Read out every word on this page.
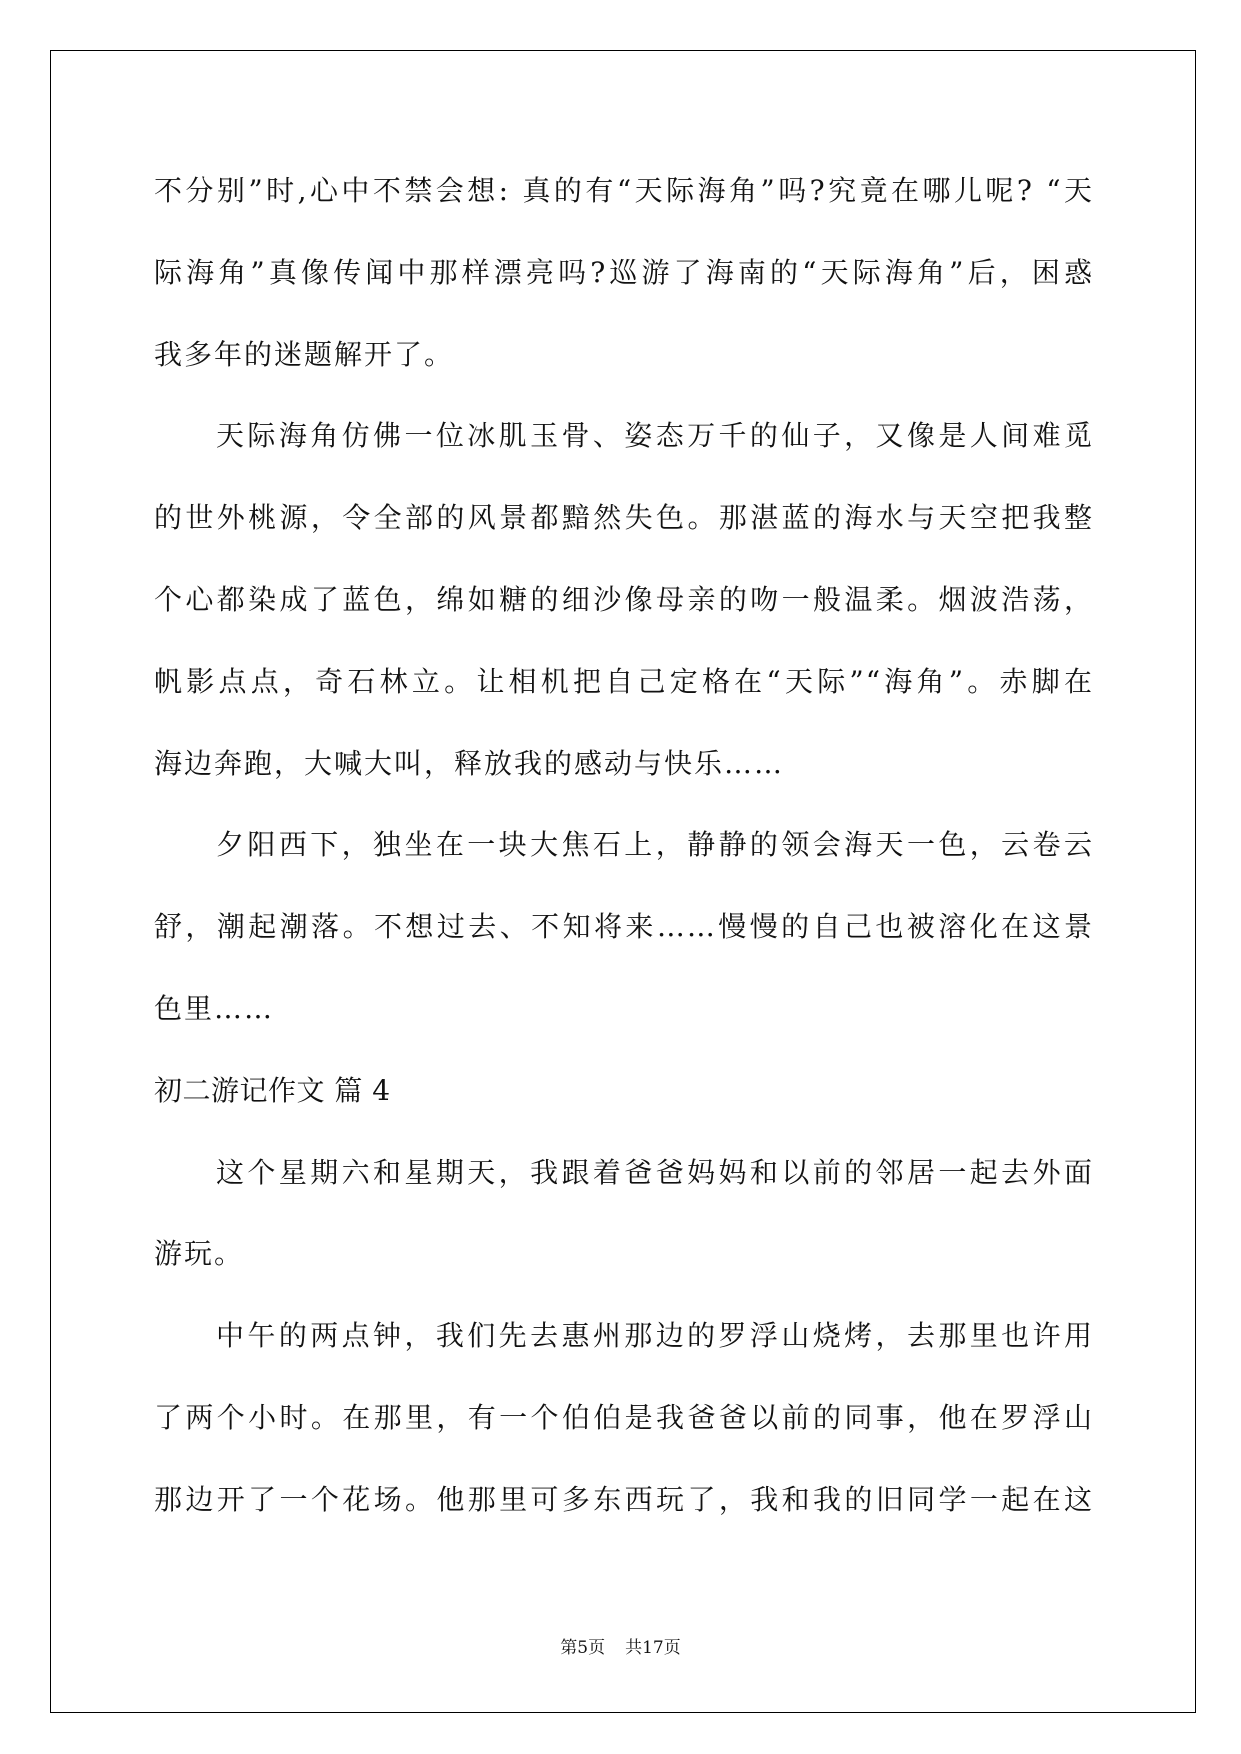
不分别”时,心中不禁会想: 真的有“天际海角”吗?究竟在哪儿呢? “天
际海角”真像传闻中那样漂亮吗?巡游了海南的“天际海角”后，困惑
我多年的迷题解开了。
天际海角仿佛一位冰肌玉骨、姿态万千的仙子，又像是人间难觅
的世外桃源，令全部的风景都黯然失色。那湛蓝的海水与天空把我整
个心都染成了蓝色，绵如糖的细沙像母亲的吻一般温柔。烟波浩荡，
帆影点点，奇石林立。让相机把自己定格在“天际”“海角”。赤脚在
海边奔跑，大喊大叫，释放我的感动与快乐……
夕阳西下，独坐在一块大焦石上，静静的领会海天一色，云卷云
舒，潮起潮落。不想过去、不知将来……慢慢的自己也被溶化在这景
色里……
初二游记作文 篇 4
这个星期六和星期天，我跟着爸爸妈妈和以前的邻居一起去外面
游玩。
中午的两点钟，我们先去惠州那边的罗浮山烧烤，去那里也许用
了两个小时。在那里，有一个伯伯是我爸爸以前的同事，他在罗浮山
那边开了一个花场。他那里可多东西玩了，我和我的旧同学一起在这
第5页 共17页
